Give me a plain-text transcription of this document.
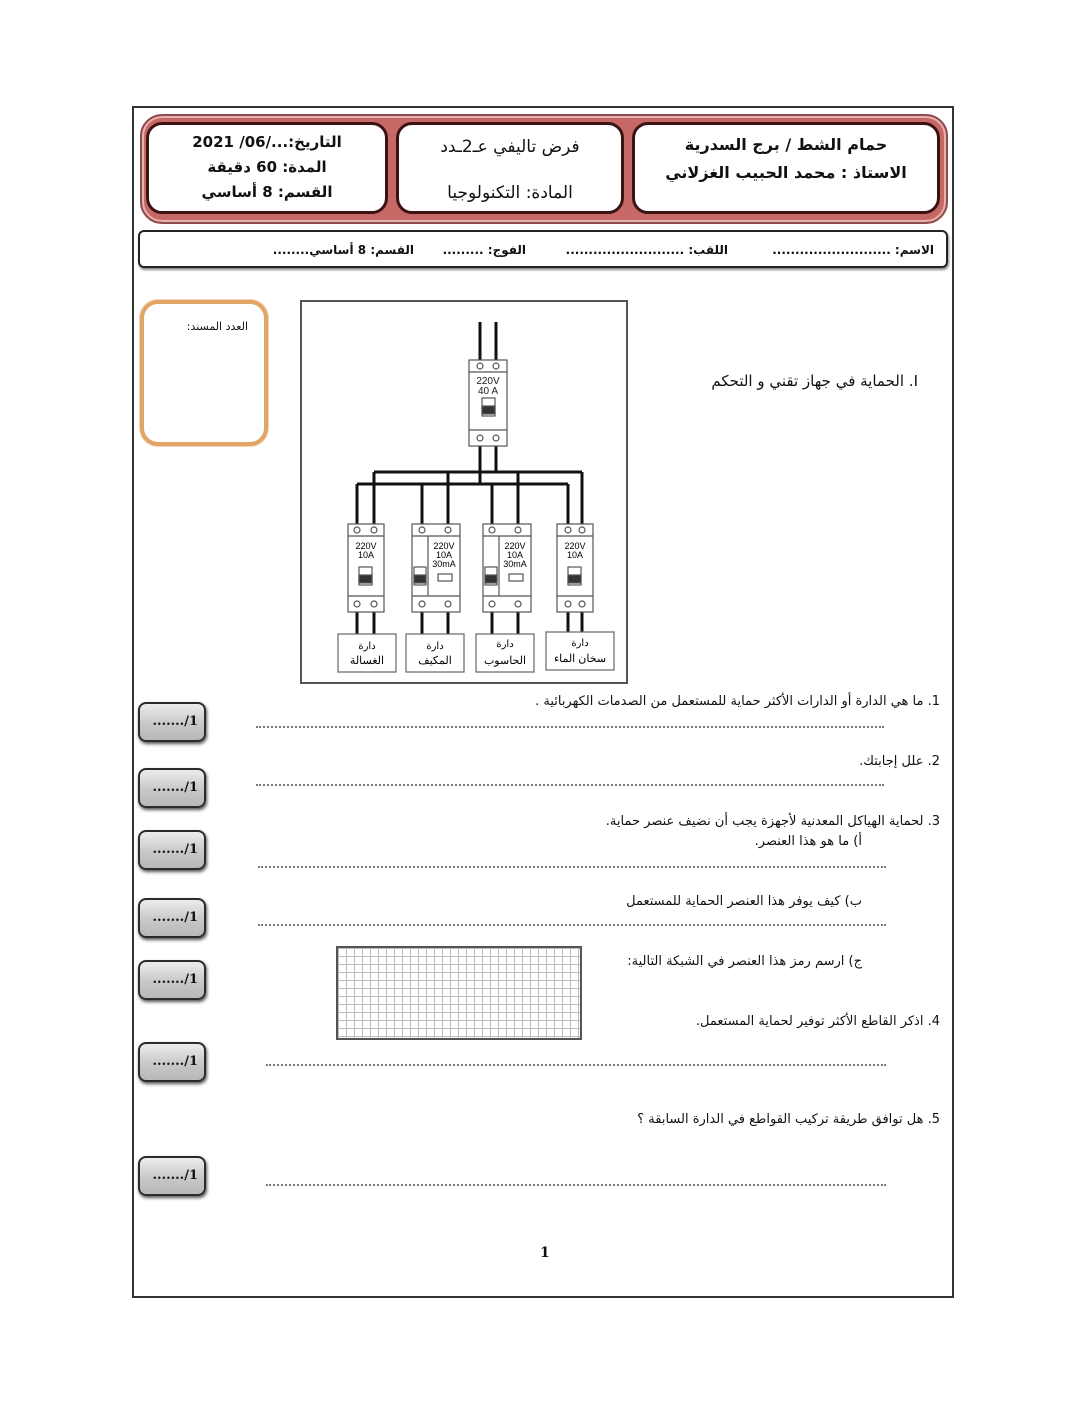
حمام الشط / برج السدرية
الاستاذ : محمد الحبيب الغزلاني
فرض تاليفي عـ2ـدد
المادة: التكنولوجيا
التاريخ:.../06/ 2021
المدة: 60 دقيقة
القسم: 8 أساسي
الاسم: ..........................
اللقب: ..........................
الفوج: .........
القسم: 8 أساسي........
العدد المسند:
I. الحماية في جهاز تقني و التحكم
220V
40 A
220V
10A
220V
10A
30mA
220V
10A
30mA
220V
10A
دارة
الغسالة
دارة
المكيف
دارة
الحاسوب
دارة
سخان الماء
1. ما هي الدارة أو الدارات الأكثر حماية للمستعمل من الصدمات الكهربائية .
......./1
2. علل إجابتك.
......./1
3. لحماية الهياكل المعدنية لأجهزة يجب أن نضيف عنصر حماية.
أ) ما هو هذا العنصر.
......./1
ب) كيف يوفر هذا العنصر الحماية للمستعمل
......./1
ج) ارسم رمز هذا العنصر في الشبكة التالية:
......./1
4. اذكر القاطع الأكثر توفير لحماية المستعمل.
......./1
5. هل توافق طريقة تركيب القواطع في الدارة السابقة ؟
......./1
1
